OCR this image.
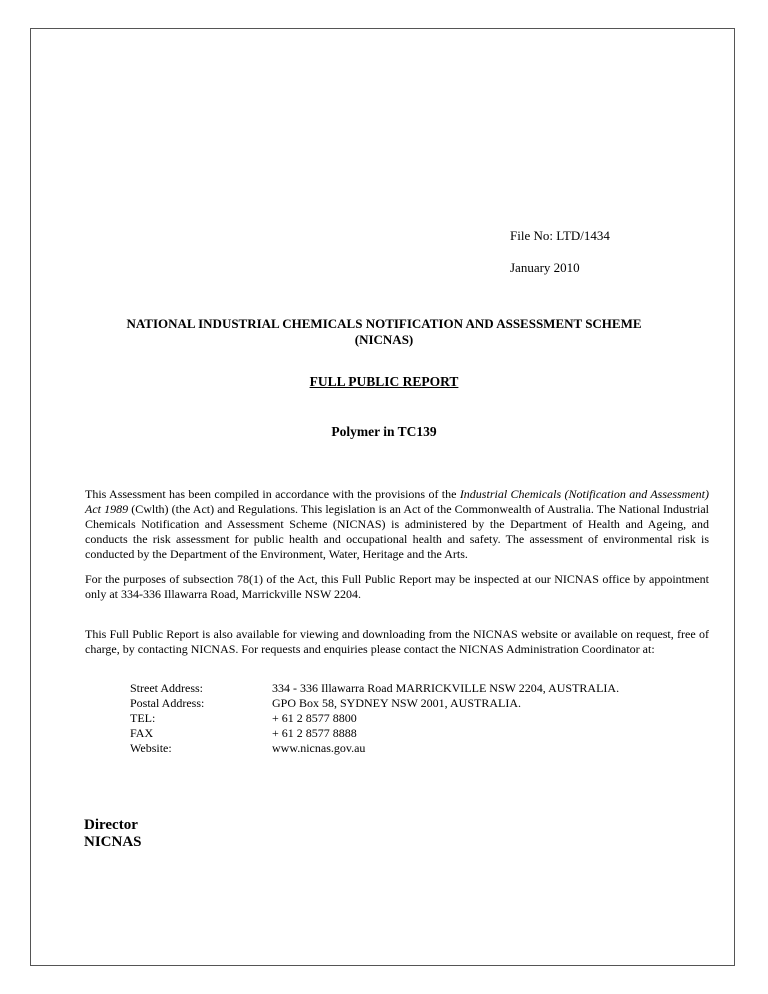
File No: LTD/1434
January 2010
NATIONAL INDUSTRIAL CHEMICALS NOTIFICATION AND ASSESSMENT SCHEME
(NICNAS)
FULL PUBLIC REPORT
Polymer in TC139

This Assessment has been compiled in accordance with the provisions of the Industrial Chemicals (Notification and Assessment) Act 1989 (Cwlth) (the Act) and Regulations. This legislation is an Act of the Commonwealth of Australia. The National Industrial Chemicals Notification and Assessment Scheme (NICNAS) is administered by the Department of Health and Ageing, and conducts the risk assessment for public health and occupational health and safety. The assessment of environmental risk is conducted by the Department of the Environment, Water, Heritage and the Arts.

For the purposes of subsection 78(1) of the Act, this Full Public Report may be inspected at our NICNAS office by appointment only at 334-336 Illawarra Road, Marrickville NSW 2204.

This Full Public Report is also available for viewing and downloading from the NICNAS website or available on request, free of charge, by contacting NICNAS. For requests and enquiries please contact the NICNAS Administration Coordinator at:

Street Address:	334 - 336 Illawarra Road MARRICKVILLE NSW 2204, AUSTRALIA.
Postal Address:	GPO Box 58, SYDNEY NSW 2001, AUSTRALIA.
TEL:	+ 61 2 8577 8800
FAX	+ 61 2 8577 8888
Website:	www.nicnas.gov.au
Director
NICNAS
